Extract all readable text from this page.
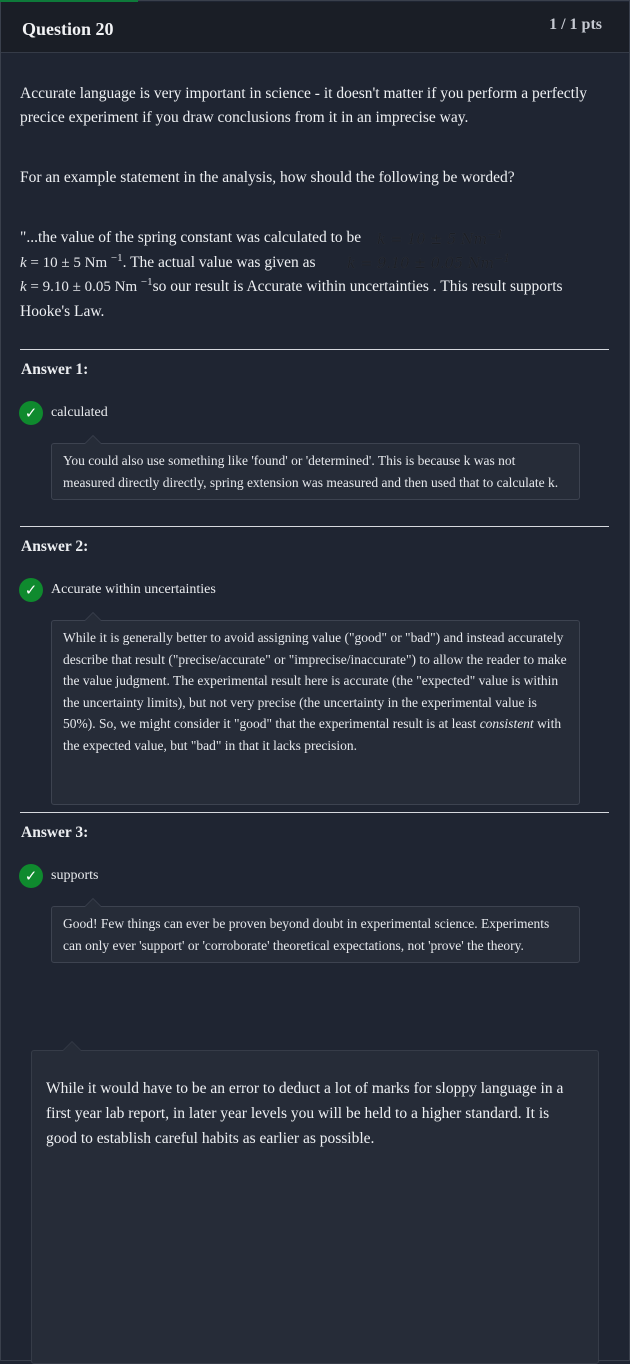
Question 20	1 / 1 pts
Accurate language is very important in science - it doesn't matter if you perform a perfectly precice experiment if you draw conclusions from it in an imprecise way.
For an example statement in the analysis, how should the following be worded?
"...the value of the spring constant was calculated to be
k = 10 ± 5 Nm $^{-1}$. The actual value was given as
k = 9.10 ± 0.05 Nm $^{-1}$so our result is Accurate within uncertainties . This result supports Hooke's Law.
k = 10 ± 5 $Nm^{-1}$
k = 9.10 ± 0.05 $Nm^{-1}$
Answer 1:
✓ calculated
You could also use something like 'found' or 'determined'. This is because k was not measured directly directly, spring extension was measured and then used that to calculate k.
Answer 2:
✓ Accurate within uncertainties
While it is generally better to avoid assigning value ("good" or "bad") and instead accurately describe that result ("precise/accurate" or "imprecise/inaccurate") to allow the reader to make the value judgment. The experimental result here is accurate (the "expected" value is within the uncertainty limits), but not very precise (the uncertainty in the experimental value is 50%). So, we might consider it "good" that the experimental result is at least consistent with the expected value, but "bad" in that it lacks precision.
Answer 3:
✓ supports
Good! Few things can ever be proven beyond doubt in experimental science. Experiments can only ever 'support' or 'corroborate' theoretical expectations, not 'prove' the theory.
While it would have to be an error to deduct a lot of marks for sloppy language in a first year lab report, in later year levels you will be held to a higher standard. It is good to establish careful habits as earlier as possible.
